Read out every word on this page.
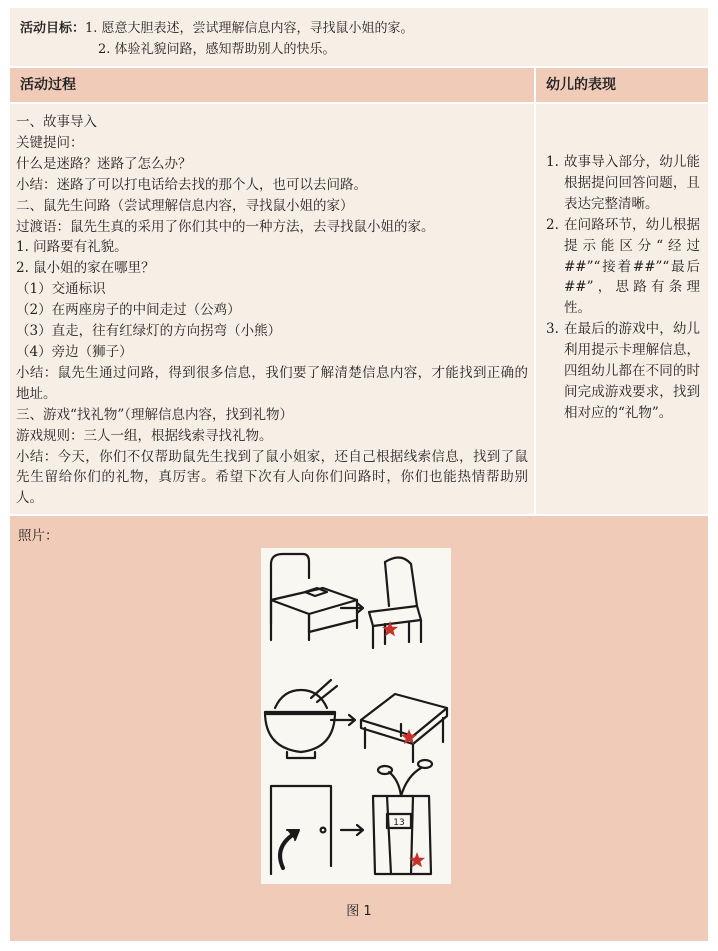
活动目标：1. 愿意大胆表述，尝试理解信息内容，寻找鼠小姐的家。
2. 体验礼貌问路，感知帮助别人的快乐。
活动过程	幼儿的表现
一、故事导入
关键提问：
什么是迷路？迷路了怎么办？
小结：迷路了可以打电话给去找的那个人，也可以去问路。
二、鼠先生问路（尝试理解信息内容，寻找鼠小姐的家）
过渡语：鼠先生真的采用了你们其中的一种方法，去寻找鼠小姐的家。
1. 问路要有礼貌。
2. 鼠小姐的家在哪里？
（1）交通标识
（2）在两座房子的中间走过（公鸡）
（3）直走，往有红绿灯的方向拐弯（小熊）
（4）旁边（狮子）
小结：鼠先生通过问路，得到很多信息，我们要了解清楚信息内容，才能找到正确的地址。
三、游戏“找礼物”（理解信息内容，找到礼物）
游戏规则：三人一组，根据线索寻找礼物。
小结：今天，你们不仅帮助鼠先生找到了鼠小姐家，还自己根据线索信息，找到了鼠先生留给你们的礼物，真厉害。希望下次有人向你们问路时，你们也能热情帮助别人。
1. 故事导入部分，幼儿能根据提问回答问题，且表达完整清晰。
2. 在问路环节，幼儿根据提示能区分“经过##”“接着##”“最后##”，思路有条理性。
3. 在最后的游戏中，幼儿利用提示卡理解信息，四组幼儿都在不同的时间完成游戏要求，找到相对应的“礼物”。
照片：
13
图 1
